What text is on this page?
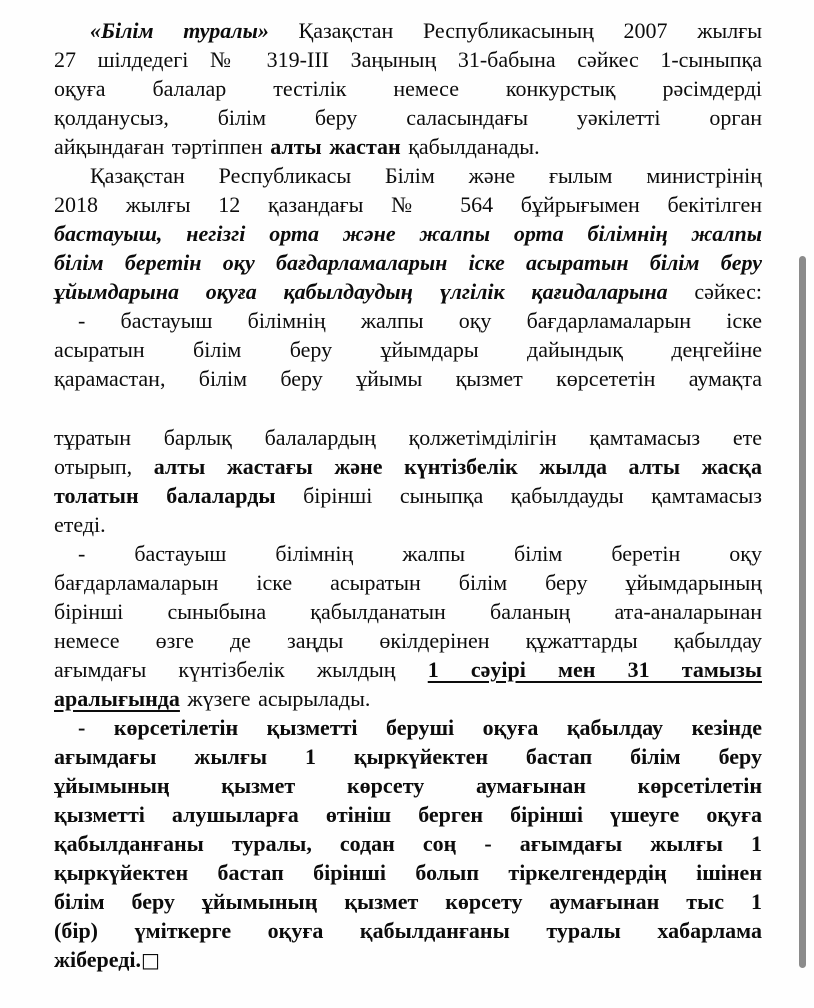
«Білім туралы» Қазақстан Республикасының 2007 жылғы
27 шілдедегі № 319-III Заңының 31-бабына сәйкес 1-сыныпқа
оқуға балалар тестілік немесе конкурстық рәсімдерді
қолданусыз, білім беру саласындағы уәкілетті орган
айқындаған тәртіппен алты жастан қабылданады.
Қазақстан Республикасы Білім және ғылым министрінің
2018 жылғы 12 қазандағы № 564 бұйрығымен бекітілген
бастауыш, негізгі орта және жалпы орта білімнің жалпы
білім беретін оқу бағдарламаларын іске асыратын білім беру
ұйымдарына оқуға қабылдаудың үлгілік қағидаларына сәйкес:
- бастауыш білімнің жалпы оқу бағдарламаларын іске
асыратын білім беру ұйымдары дайындық деңгейіне
қарамастан, білім беру ұйымы қызмет көрсететін аумақта
тұратын барлық балалардың қолжетімділігін қамтамасыз ете
отырып, алты жастағы және күнтізбелік жылда алты жасқа
толатын балаларды бірінші сыныпқа қабылдауды қамтамасыз
етеді.
- бастауыш білімнің жалпы білім беретін оқу
бағдарламаларын іске асыратын білім беру ұйымдарының
бірінші сыныбына қабылданатын баланың ата-аналарынан
немесе өзге де заңды өкілдерінен құжаттарды қабылдау
ағымдағы күнтізбелік жылдың 1 сәуірі мен 31 тамызы
аралығында жүзеге асырылады.
- көрсетілетін қызметті беруші оқуға қабылдау кезінде
ағымдағы жылғы 1 қыркүйектен бастап білім беру
ұйымының қызмет көрсету аумағынан көрсетілетін
қызметті алушыларға өтініш берген бірінші үшеуге оқуға
қабылданғаны туралы, содан соң - ағымдағы жылғы 1
қыркүйектен бастап бірінші болып тіркелгендердің ішінен
білім беру ұйымының қызмет көрсету аумағынан тыс 1
(бір) үміткерге оқуға қабылданғаны туралы хабарлама
жібереді.□
